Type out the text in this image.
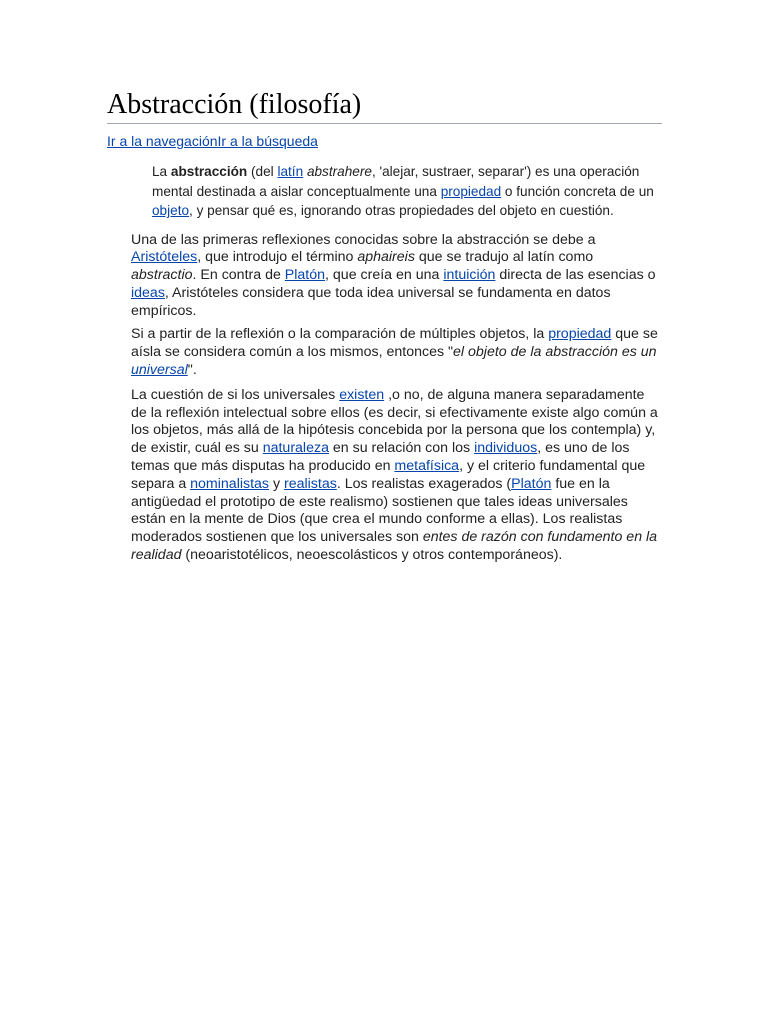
Abstracción (filosofía)
Ir a la navegaciónIr a la búsqueda
La abstracción (del latín abstrahere, 'alejar, sustraer, separar') es una operación mental destinada a aislar conceptualmente una propiedad o función concreta de un objeto, y pensar qué es, ignorando otras propiedades del objeto en cuestión.

Una de las primeras reflexiones conocidas sobre la abstracción se debe a Aristóteles, que introdujo el término aphaireis que se tradujo al latín como abstractio. En contra de Platón, que creía en una intuición directa de las esencias o ideas, Aristóteles considera que toda idea universal se fundamenta en datos empíricos.

Si a partir de la reflexión o la comparación de múltiples objetos, la propiedad que se aísla se considera común a los mismos, entonces "el objeto de la abstracción es un universal".

La cuestión de si los universales existen ,o no, de alguna manera separadamente de la reflexión intelectual sobre ellos (es decir, si efectivamente existe algo común a los objetos, más allá de la hipótesis concebida por la persona que los contempla) y, de existir, cuál es su naturaleza en su relación con los individuos, es uno de los temas que más disputas ha producido en metafísica, y el criterio fundamental que separa a nominalistas y realistas. Los realistas exagerados (Platón fue en la antigüedad el prototipo de este realismo) sostienen que tales ideas universales están en la mente de Dios (que crea el mundo conforme a ellas). Los realistas moderados sostienen que los universales son entes de razón con fundamento en la realidad (neoaristotélicos, neoescolásticos y otros contemporáneos).
